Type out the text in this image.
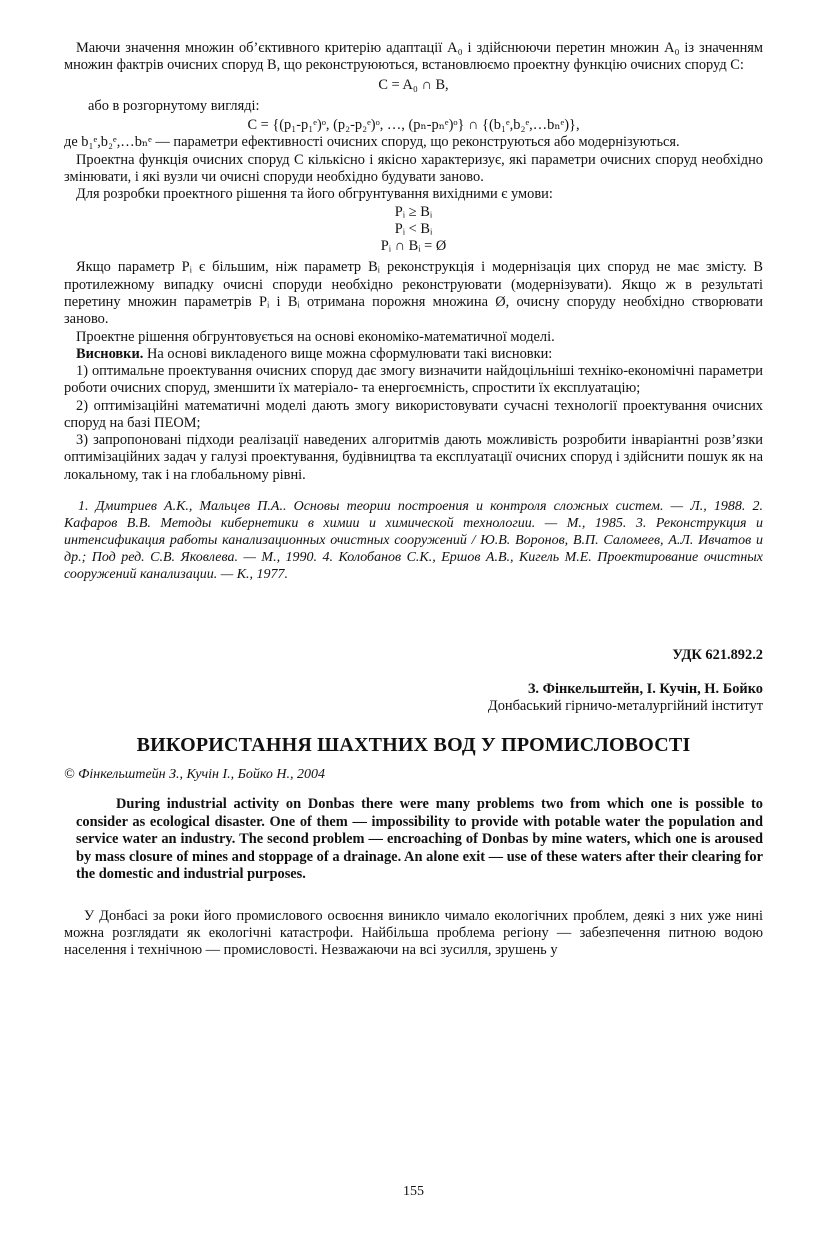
Маючи значення множин об’єктивного критерію адаптації A₀ і здійснюючи перетин множин A₀ із значенням множин фактрів очисних споруд B, що реконструюються, встановлюємо проектну функцію очисних споруд C:

C = A₀ ∩ B,

або в розгорнутому вигляді:

C = {(p₁-p₁ᵉ)ᵒ, (p₂-p₂ᵉ)ᵒ, …, (pₙ-pₙᵉ)ᵒ} ∩ {(b₁ᵉ,b₂ᵉ,…bₙᵉ)},

де b₁ᵉ,b₂ᵉ,…bₙᵉ — параметри ефективності очисних споруд, що реконструються або модернізуються.

Проектна функція очисних споруд C кількісно і якісно характеризує, які параметри очисних споруд необхідно змінювати, і які вузли чи очисні споруди необхідно будувати заново.

Для розробки проектного рішення та його обгрунтування вихідними є умови:

Pᵢ ≥ Bᵢ

Pᵢ < Bᵢ

Pᵢ ∩ Bᵢ = Ø

Якщо параметр Pᵢ є більшим, ніж параметр Bᵢ реконструкція і модернізація цих споруд не має змісту. В протилежному випадку очисні споруди необхідно реконструювати (модернізувати). Якщо ж в результаті перетину множин параметрів Pᵢ і Bᵢ отримана порожня множина Ø, очисну споруду необхідно створювати заново.

Проектне рішення обгрунтовується на основі економіко-математичної моделі.

Висновки. На основі викладеного вище можна сформулювати такі висновки:

1) оптимальне проектування очисних споруд дає змогу визначити найдоцільніші техніко-економічні параметри роботи очисних споруд, зменшити їх матеріало- та енергоємність, спростити їх експлуатацію;

2) оптимізаційні математичні моделі дають змогу використовувати сучасні технології проектування очисних споруд на базі ПЕОМ;

3) запропоновані підходи реалізації наведених алгоритмів дають можливість розробити інваріантні розв’язки оптимізаційних задач у галузі проектування, будівництва та експлуатації очисних споруд і здійснити пошук як на локальному, так і на глобальному рівні.

1. Дмитриев А.К., Мальцев П.А.. Основы теории построения и контроля сложных систем. — Л., 1988. 2. Кафаров В.В. Методы кибернетики в химии и химической технологии. — М., 1985. 3. Реконструкция и интенсификация работы канализационных очистных сооружений / Ю.В. Воронов, В.П. Саломеев, А.Л. Ивчатов и др.; Под ред. С.В. Яковлева. — М., 1990. 4. Колобанов С.К., Ершов А.В., Кигель М.Е. Проектирование очистных сооружений канализации. — К., 1977.

УДК 621.892.2

З. Фінкельштейн, І. Кучін, Н. Бойко

Донбаський гірничо-металургійний інститут

ВИКОРИСТАННЯ ШАХТНИХ ВОД У ПРОМИСЛОВОСТІ

© Фінкельштейн З., Кучін І., Бойко Н., 2004

During industrial activity on Donbas there were many problems two from which one is possible to consider as ecological disaster. One of them — impossibility to provide with potable water the population and service water an industry. The second problem — encroaching of Donbas by mine waters, which one is aroused by mass closure of mines and stoppage of a drainage. An alone exit — use of these waters after their clearing for the domestic and industrial purposes.

У Донбасі за роки його промислового освоєння виникло чимало екологічних проблем, деякі з них уже нині можна розглядати як екологічні катастрофи. Найбільша проблема регіону — забезпечення питною водою населення і технічною — промисловості. Незважаючи на всі зусилля, зрушень у

155
